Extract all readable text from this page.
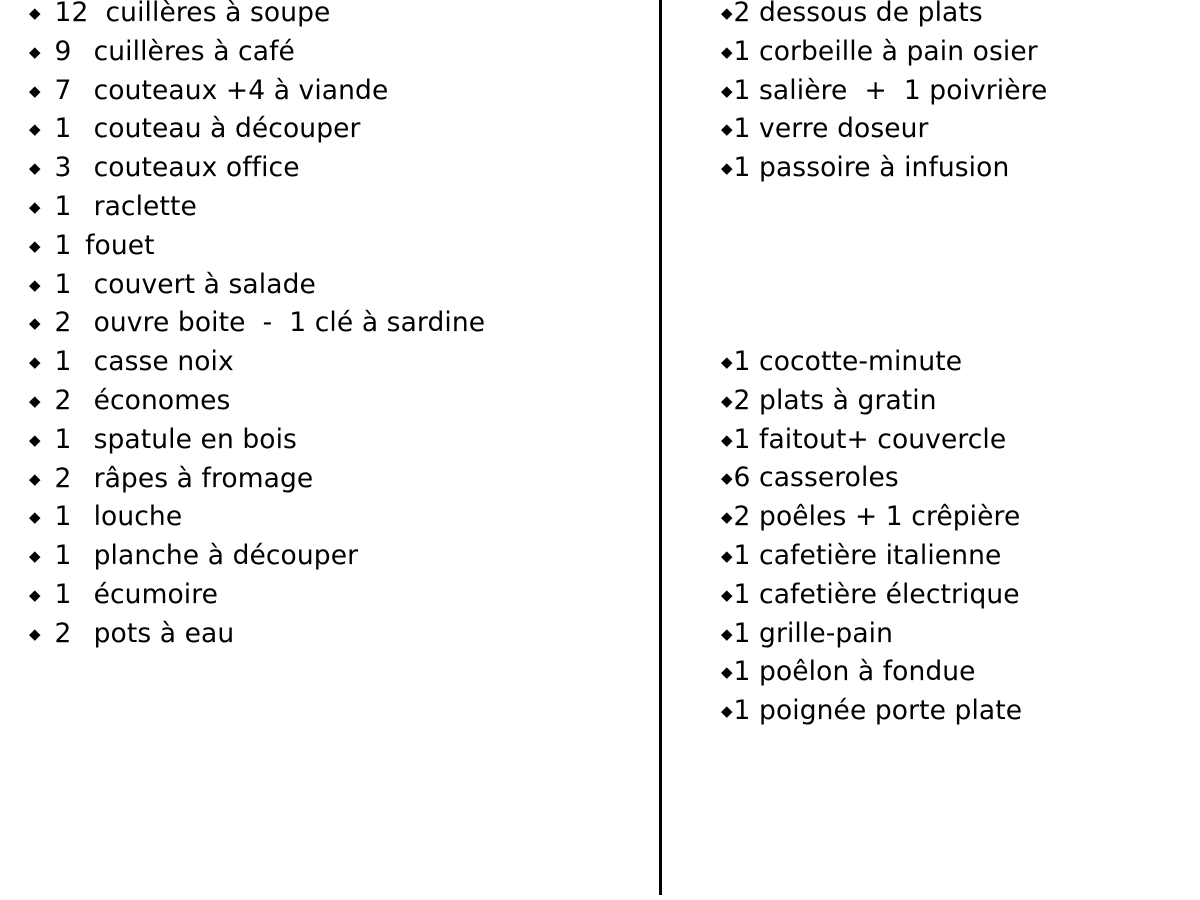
◆ 12  cuillères à soupe
◆ 9  cuillères à café
◆ 7  couteaux +4 à viande
◆ 1  couteau à découper
◆ 3  couteaux office
◆ 1  raclette
◆ 1 fouet
◆ 1  couvert à salade
◆ 2  ouvre boite  -  1 clé à sardine
◆ 1  casse noix
◆ 2  économes
◆ 1  spatule en bois
◆ 2  râpes à fromage
◆ 1  louche
◆ 1  planche à découper
◆ 1  écumoire
◆ 2  pots à eau
◆ 2 dessous de plats
◆ 1 corbeille à pain osier
◆ 1 salière  +  1 poivrière
◆ 1 verre doseur
◆ 1 passoire à infusion
◆ 1 cocotte-minute
◆ 2 plats à gratin
◆ 1 faitout+ couvercle
◆ 6 casseroles
◆ 2 poêles + 1 crêpière
◆ 1 cafetière italienne
◆ 1 cafetière électrique
◆ 1 grille-pain
◆ 1 poêlon à fondue
◆ 1 poignée porte plate
